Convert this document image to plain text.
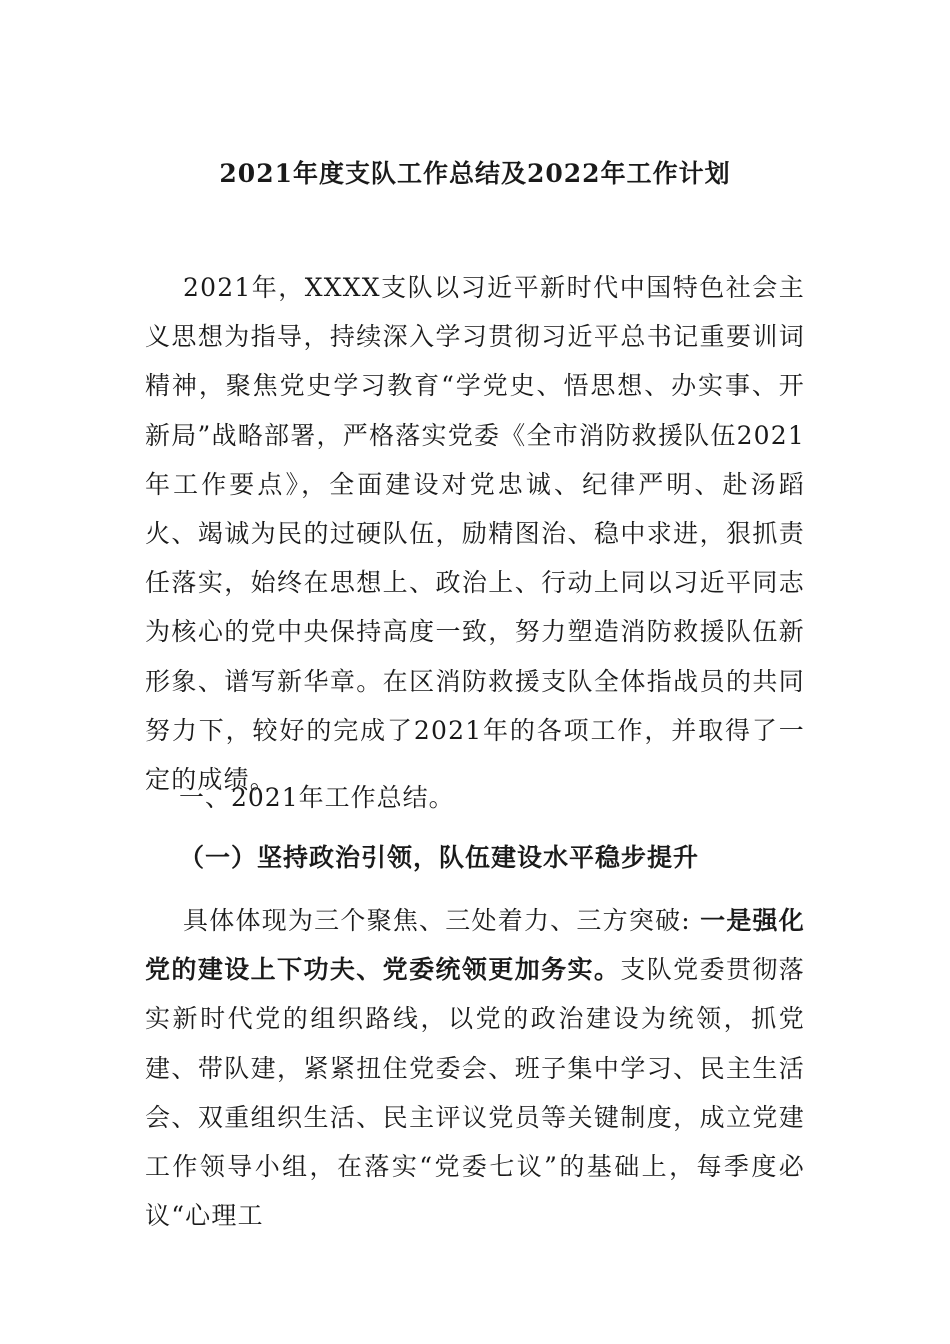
2021年度支队工作总结及2022年工作计划
2021年，XXXX支队以习近平新时代中国特色社会主义思想为指导，持续深入学习贯彻习近平总书记重要训词精神，聚焦党史学习教育“学党史、悟思想、办实事、开新局”战略部署，严格落实党委《全市消防救援队伍2021年工作要点》，全面建设对党忠诚、纪律严明、赴汤蹈火、竭诚为民的过硬队伍，励精图治、稳中求进，狠抓责任落实，始终在思想上、政治上、行动上同以习近平同志为核心的党中央保持高度一致，努力塑造消防救援队伍新形象、谱写新华章。在区消防救援支队全体指战员的共同努力下，较好的完成了2021年的各项工作，并取得了一定的成绩。
一、2021年工作总结。
（一）坚持政治引领，队伍建设水平稳步提升
具体体现为三个聚焦、三处着力、三方突破: 一是强化党的建设上下功夫、党委统领更加务实。支队党委贯彻落实新时代党的组织路线，以党的政治建设为统领，抓党建、带队建，紧紧扭住党委会、班子集中学习、民主生活会、双重组织生活、民主评议党员等关键制度，成立党建工作领导小组，在落实“党委七议”的基础上，每季度必议“心理工
